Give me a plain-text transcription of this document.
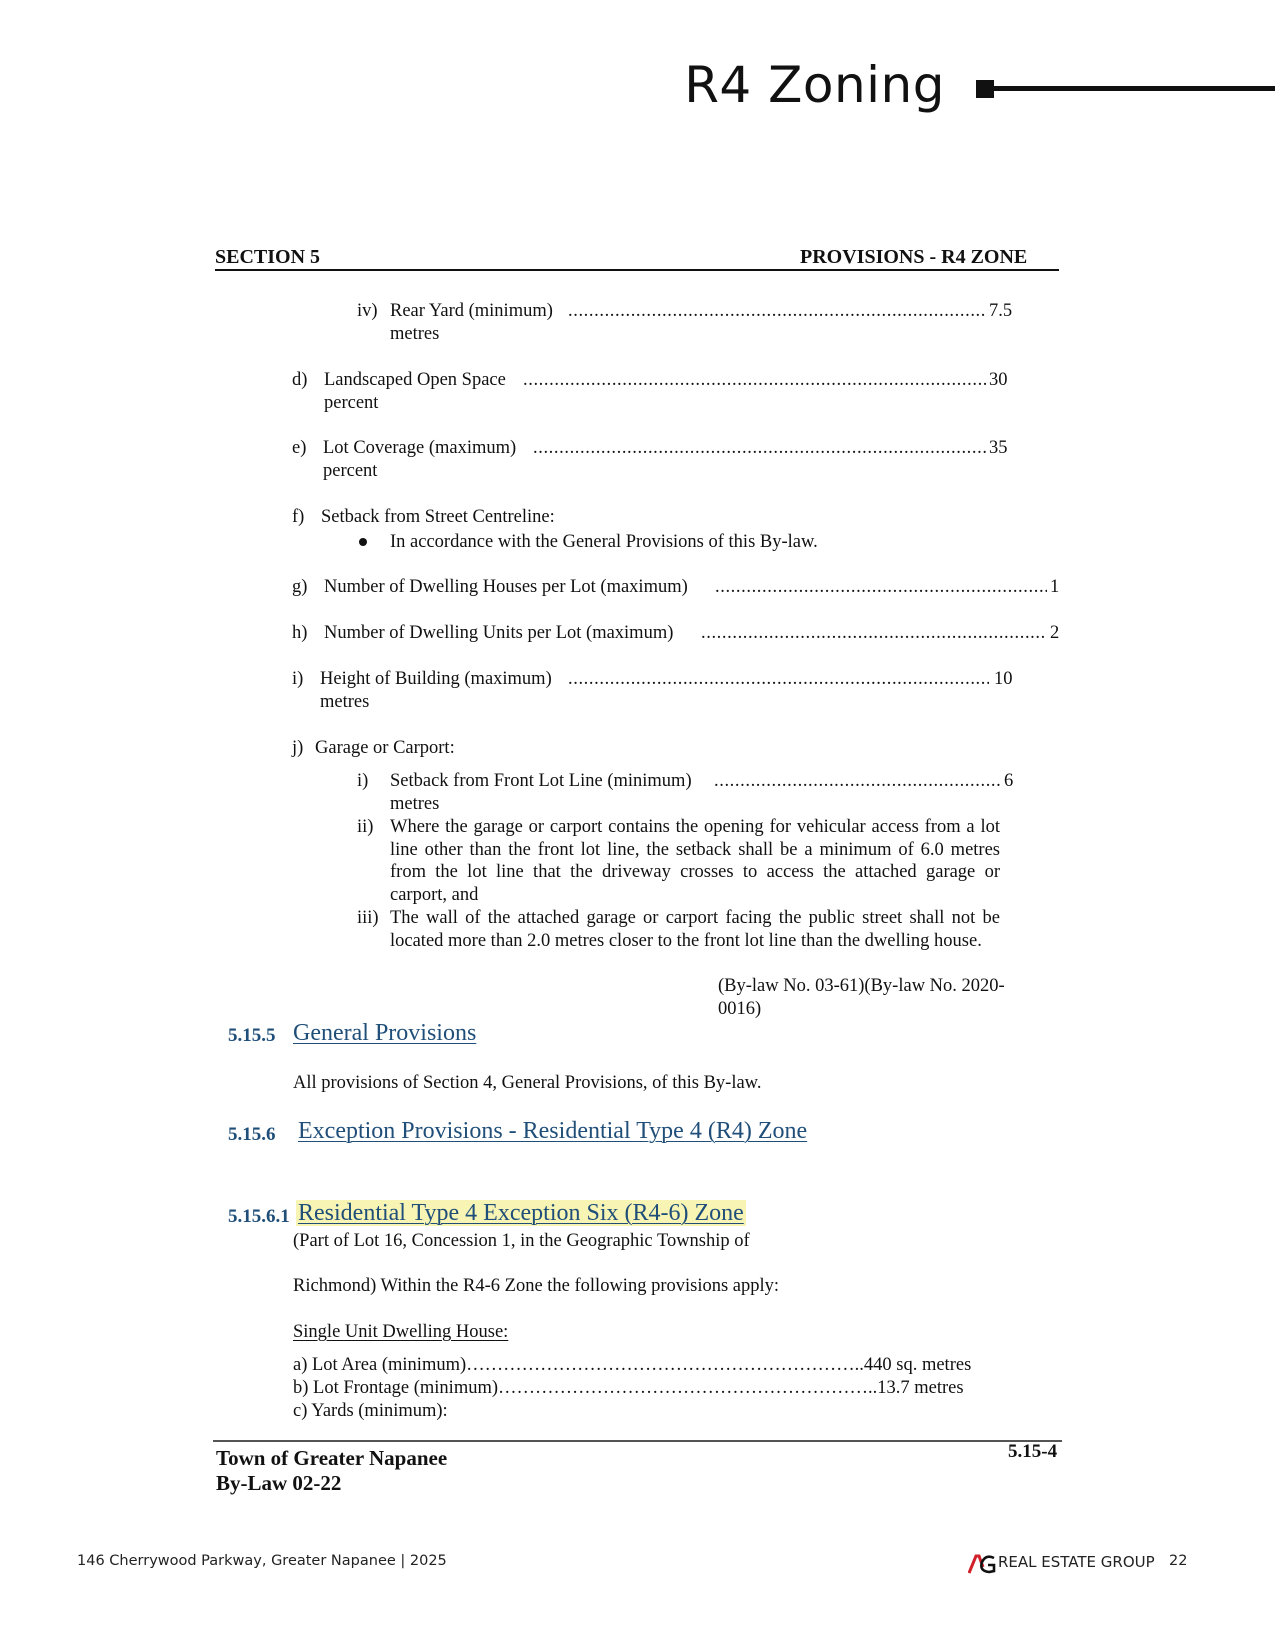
R4 Zoning
SECTION 5	PROVISIONS - R4 ZONE
iv) Rear Yard (minimum) .....	7.5
metres
d) Landscaped Open Space .....	30
percent
e) Lot Coverage (maximum) .....	35
percent
f) Setback from Street Centreline:
In accordance with the General Provisions of this By-law.
g) Number of Dwelling Houses per Lot (maximum) .....	1
h) Number of Dwelling Units per Lot (maximum) .....	2
i) Height of Building (maximum) .....	10
metres
j) Garage or Carport:
i) Setback from Front Lot Line (minimum) .....	6
metres
ii) Where the garage or carport contains the opening for vehicular access from a lot line other than the front lot line, the setback shall be a minimum of 6.0 metres from the lot line that the driveway crosses to access the attached garage or carport, and
iii) The wall of the attached garage or carport facing the public street shall not be located more than 2.0 metres closer to the front lot line than the dwelling house.
(By-law No. 03-61)(By-law No. 2020-
0016)
5.15.5 General Provisions
All provisions of Section 4, General Provisions, of this By-law.
5.15.6 Exception Provisions - Residential Type 4 (R4) Zone
5.15.6.1 Residential Type 4 Exception Six (R4-6) Zone
(Part of Lot 16, Concession 1, in the Geographic Township of
Richmond) Within the R4-6 Zone the following provisions apply:
Single Unit Dwelling House:
a) Lot Area (minimum)………………………………………………………..440 sq. metres
b) Lot Frontage (minimum)……………………………………………………..13.7 metres
c) Yards (minimum):
Town of Greater Napanee
By-Law 02-22
5.15-4
146 Cherrywood Parkway, Greater Napanee | 2025	REAL ESTATE GROUP 22
